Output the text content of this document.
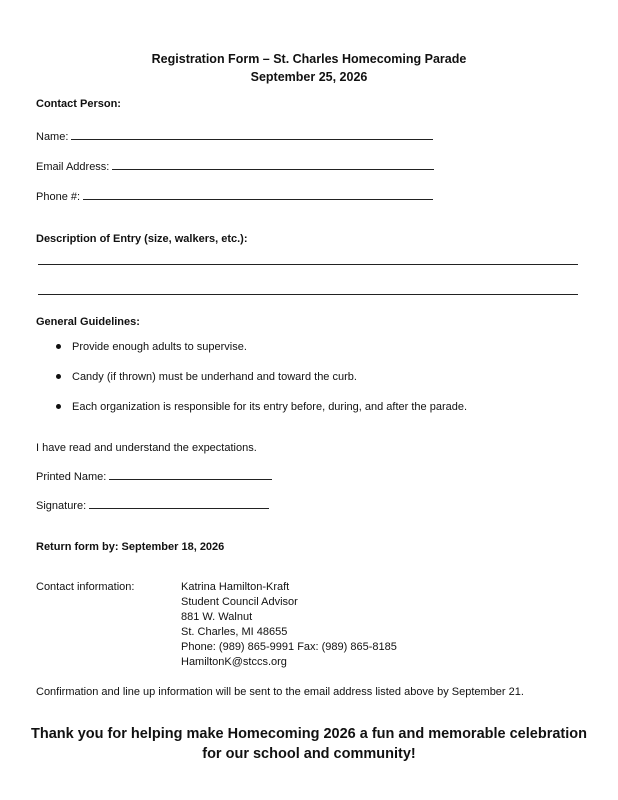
Registration Form – St. Charles Homecoming Parade
September 25, 2026
Contact Person:
Name:
Email Address:
Phone #:
Description of Entry (size, walkers, etc.):
General Guidelines:
Provide enough adults to supervise.
Candy (if thrown) must be underhand and toward the curb.
Each organization is responsible for its entry before, during, and after the parade.
I have read and understand the expectations.
Printed Name:
Signature:
Return form by: September 18, 2026
Contact information:	Katrina Hamilton-Kraft
Student Council Advisor
881 W. Walnut
St. Charles, MI 48655
Phone: (989) 865-9991 Fax: (989) 865-8185
HamiltonK@stccs.org
Confirmation and line up information will be sent to the email address listed above by September 21.
Thank you for helping make Homecoming 2026 a fun and memorable celebration
for our school and community!
